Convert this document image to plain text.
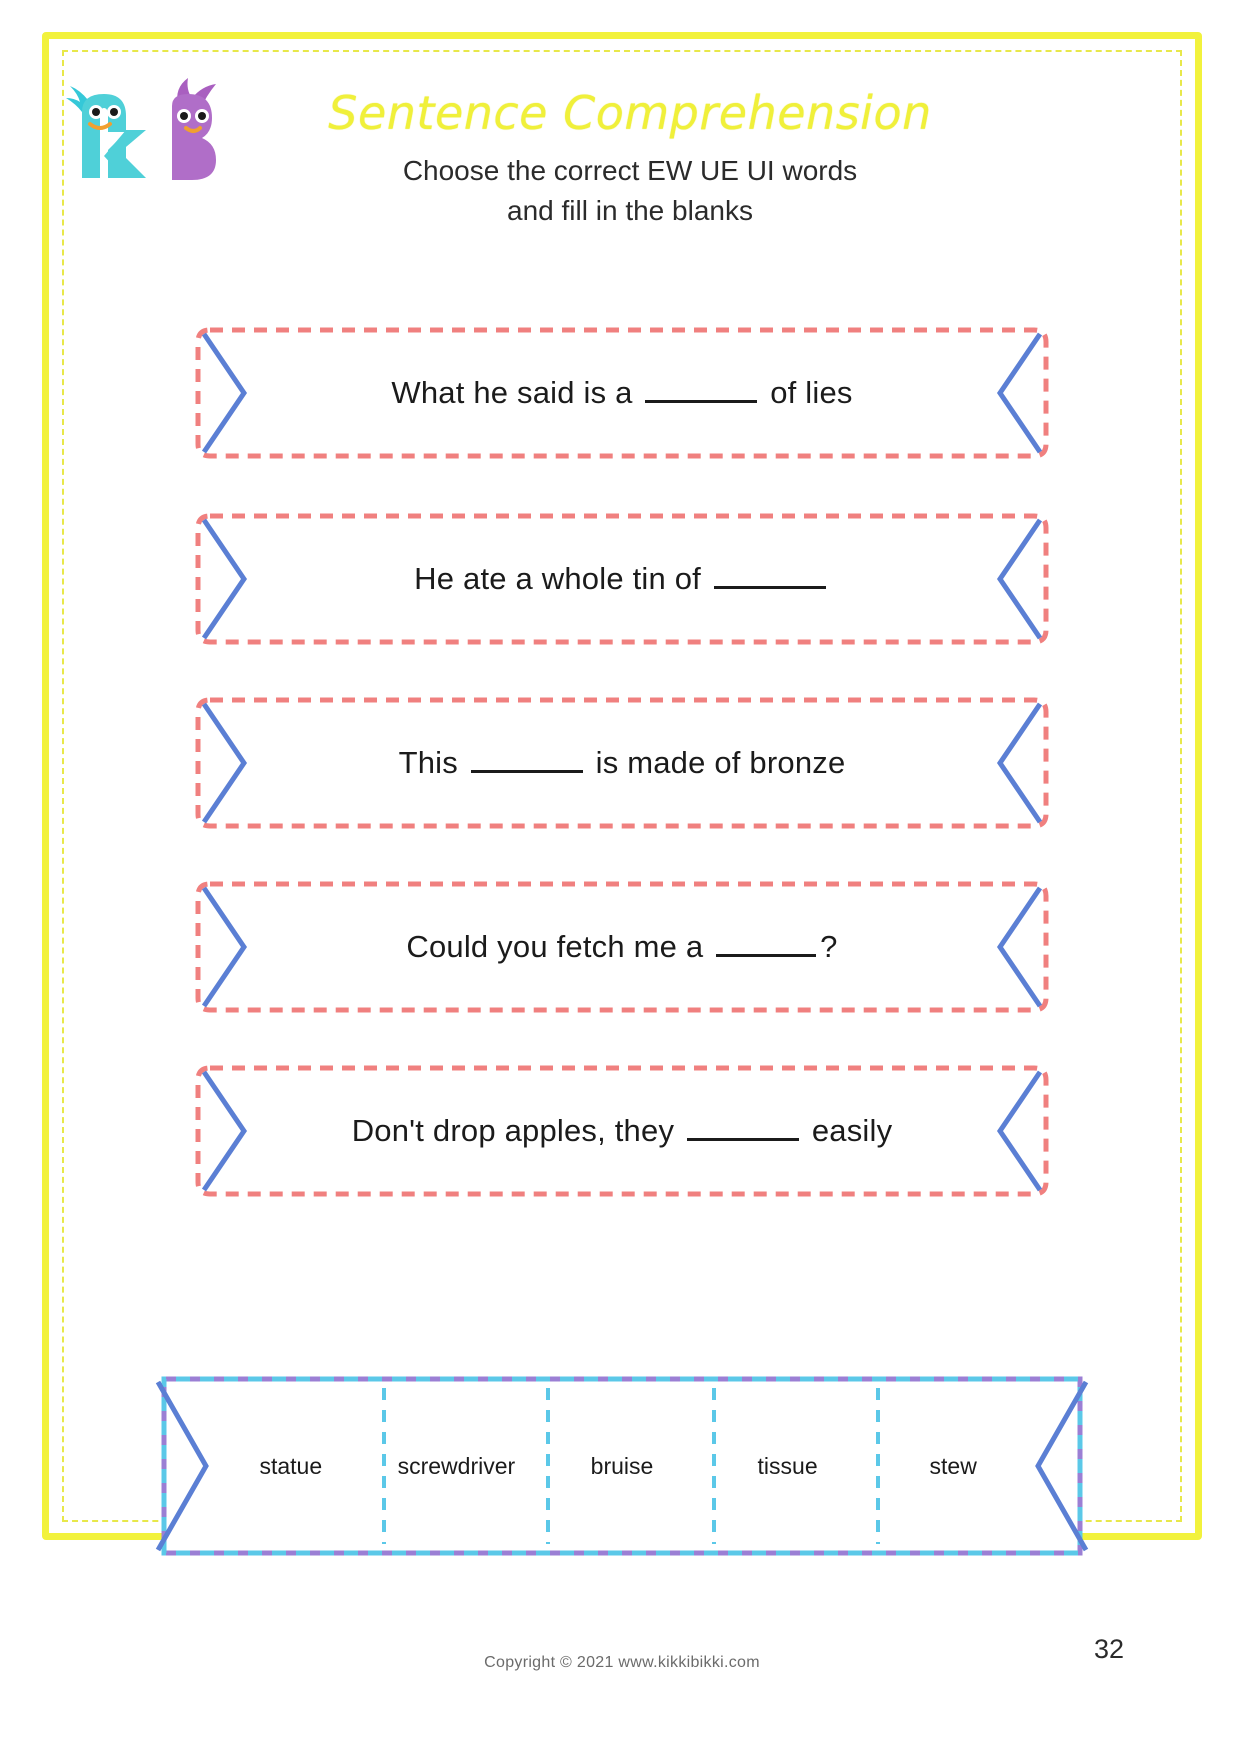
Sentence Comprehension

Choose the correct EW UE UI words
and fill in the blanks

What he said is a	of lies
He ate a whole tin of
This	is made of bronze
Could you fetch me a	?
Don't drop apples, they	easily
statue	screwdriver	bruise	tissue	stew
Copyright © 2021 www.kikkibikki.com	32
